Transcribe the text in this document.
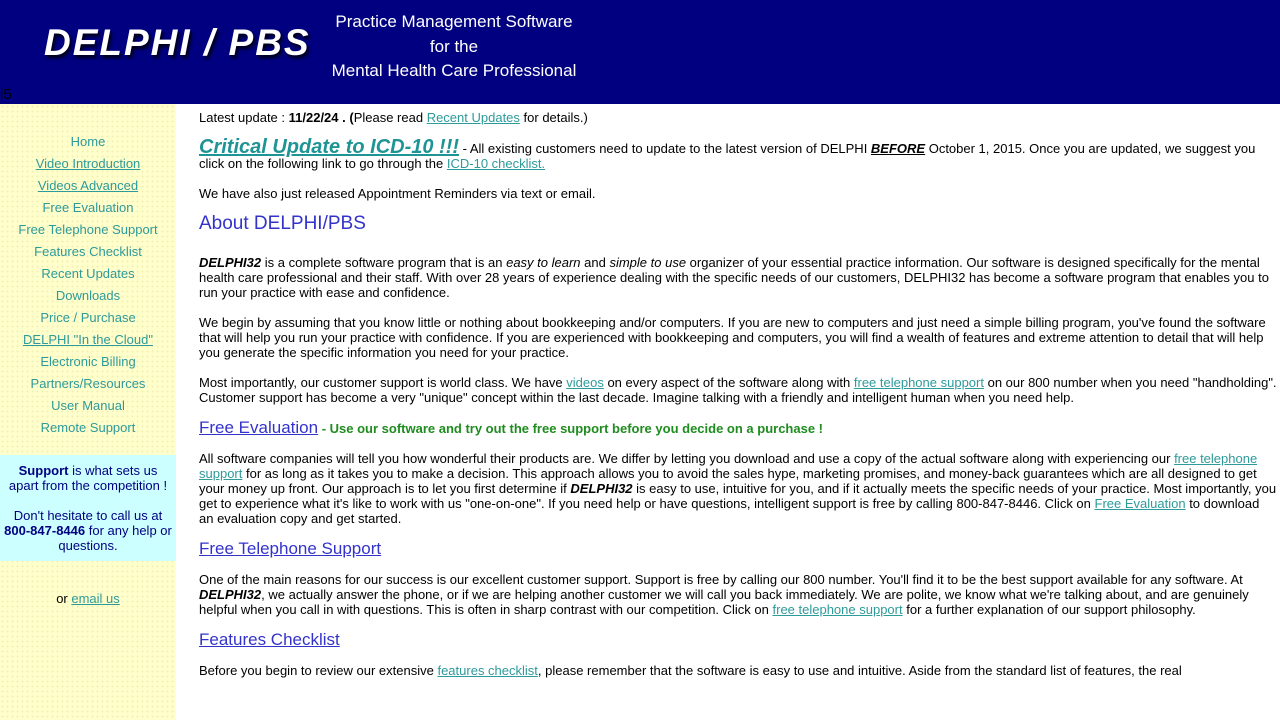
DELPHI / PBS
Practice Management Software
for the
Mental Health Care Professional
i5
Home
Video Introduction
Videos Advanced
Free Evaluation
Free Telephone Support
Features Checklist
Recent Updates
Downloads
Price / Purchase
DELPHI "In the Cloud"
Electronic Billing
Partners/Resources
User Manual
Remote Support

Support is what sets us apart from the competition !

Don't hesitate to call us at 800-847-8446 for any help or questions.

or email us

Latest update : 11/22/24 . (Please read Recent Updates for details.)

Critical Update to ICD-10 !!! - All existing customers need to update to the latest version of DELPHI BEFORE October 1, 2015. Once you are updated, we suggest you click on the following link to go through the ICD-10 checklist.

We have also just released Appointment Reminders via text or email.

About DELPHI/PBS

DELPHI32 is a complete software program that is an easy to learn and simple to use organizer of your essential practice information. Our software is designed specifically for the mental health care professional and their staff. With over 28 years of experience dealing with the specific needs of our customers, DELPHI32 has become a software program that enables you to run your practice with ease and confidence.

We begin by assuming that you know little or nothing about bookkeeping and/or computers. If you are new to computers and just need a simple billing program, you've found the software that will help you run your practice with confidence. If you are experienced with bookkeeping and computers, you will find a wealth of features and extreme attention to detail that will help you generate the specific information you need for your practice.

Most importantly, our customer support is world class. We have videos on every aspect of the software along with free telephone support on our 800 number when you need "handholding". Customer support has become a very "unique" concept within the last decade. Imagine talking with a friendly and intelligent human when you need help.

Free Evaluation - Use our software and try out the free support before you decide on a purchase !

All software companies will tell you how wonderful their products are. We differ by letting you download and use a copy of the actual software along with experiencing our free telephone support for as long as it takes you to make a decision. This approach allows you to avoid the sales hype, marketing promises, and money-back guarantees which are all designed to get your money up front. Our approach is to let you first determine if DELPHI32 is easy to use, intuitive for you, and if it actually meets the specific needs of your practice. Most importantly, you get to experience what it's like to work with us "one-on-one". If you need help or have questions, intelligent support is free by calling 800-847-8446. Click on Free Evaluation to download an evaluation copy and get started.

Free Telephone Support

One of the main reasons for our success is our excellent customer support. Support is free by calling our 800 number. You'll find it to be the best support available for any software. At DELPHI32, we actually answer the phone, or if we are helping another customer we will call you back immediately. We are polite, we know what we're talking about, and are genuinely helpful when you call in with questions. This is often in sharp contrast with our competition. Click on free telephone support for a further explanation of our support philosophy.

Features Checklist

Before you begin to review our extensive features checklist, please remember that the software is easy to use and intuitive. Aside from the standard list of features, the real
